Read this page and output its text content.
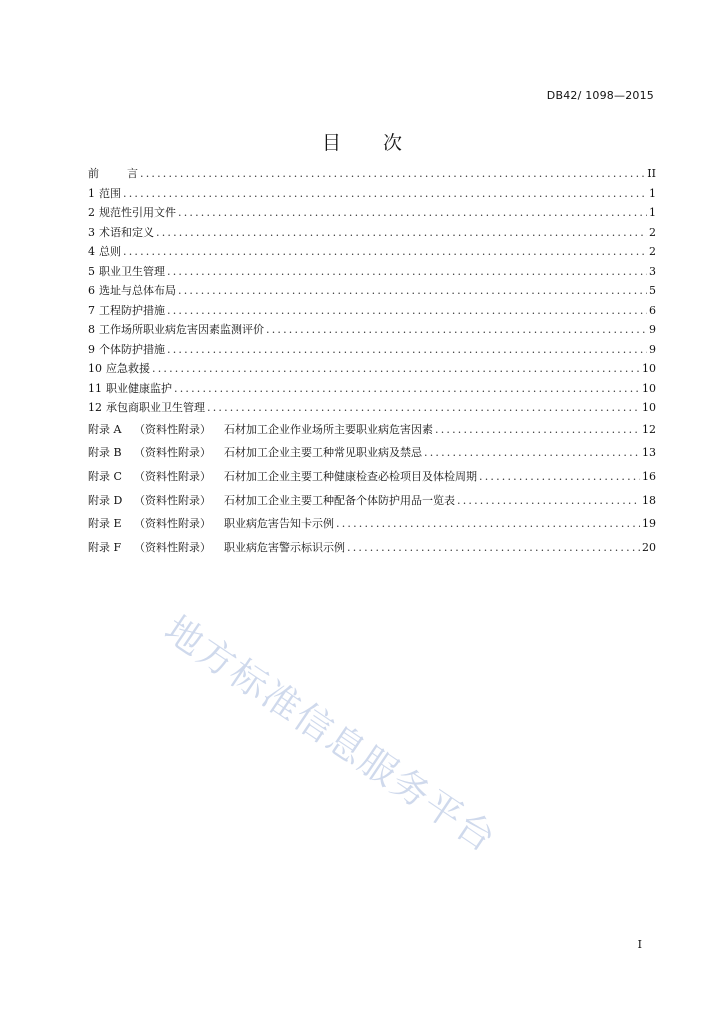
DB42/ 1098—2015
目 次
前	言 .....	II
1 范围 .....	1
2 规范性引用文件 .....	1
3 术语和定义 .....	2
4 总则 .....	2
5 职业卫生管理 .....	3
6 选址与总体布局 .....	5
7 工程防护措施 .....	6
8 工作场所职业病危害因素监测评价 .....	9
9 个体防护措施 .....	9
10 应急救援 .....	10
11 职业健康监护 .....	10
12 承包商职业卫生管理 .....	10
附录 A （资料性附录） 石材加工企业作业场所主要职业病危害因素 .....	12
附录 B （资料性附录） 石材加工企业主要工种常见职业病及禁忌 .....	13
附录 C （资料性附录） 石材加工企业主要工种健康检查必检项目及体检周期 .....	16
附录 D （资料性附录） 石材加工企业主要工种配备个体防护用品一览表 .....	18
附录 E （资料性附录） 职业病危害告知卡示例 .....	19
附录 F （资料性附录） 职业病危害警示标识示例 .....	20
地方标准信息服务平台
I
